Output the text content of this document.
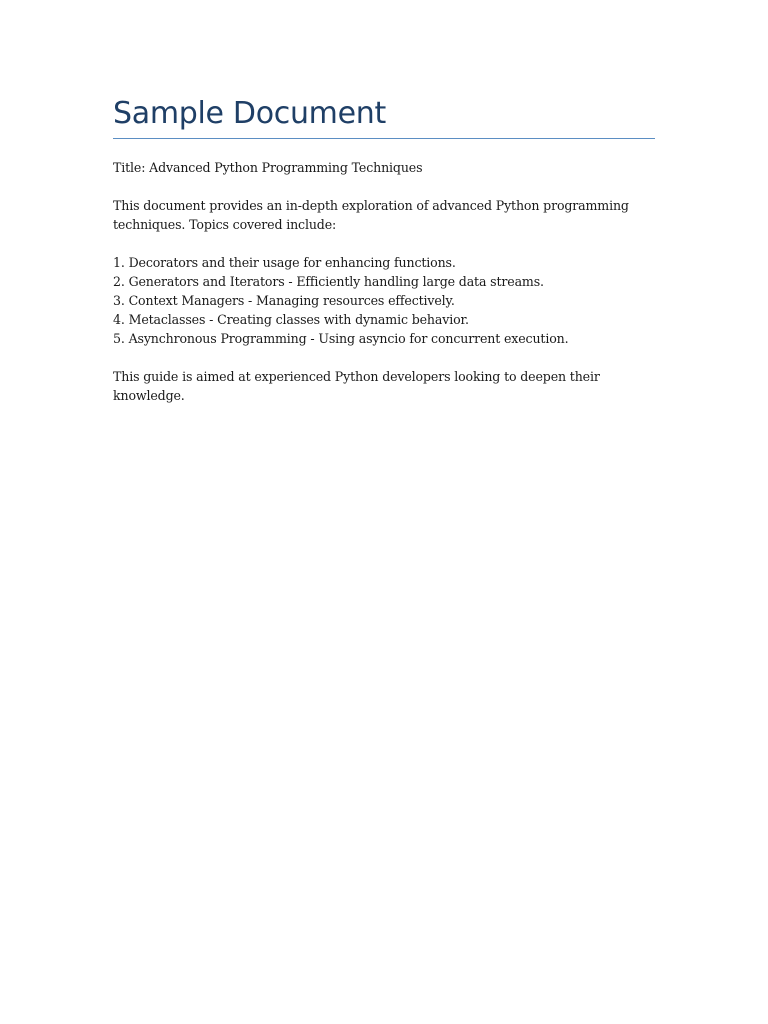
Sample Document

Title: Advanced Python Programming Techniques

This document provides an in-depth exploration of advanced Python programming techniques. Topics covered include:

1. Decorators and their usage for enhancing functions.
2. Generators and Iterators - Efficiently handling large data streams.
3. Context Managers - Managing resources effectively.
4. Metaclasses - Creating classes with dynamic behavior.
5. Asynchronous Programming - Using asyncio for concurrent execution.

This guide is aimed at experienced Python developers looking to deepen their knowledge.
